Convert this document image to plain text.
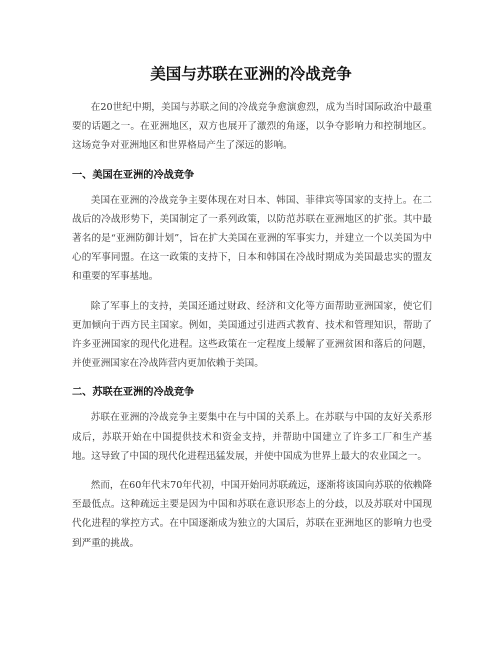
美国与苏联在亚洲的冷战竞争

在20世纪中期，美国与苏联之间的冷战竞争愈演愈烈，成为当时国际政治中最重要的话题之一。在亚洲地区，双方也展开了激烈的角逐，以争夺影响力和控制地区。这场竞争对亚洲地区和世界格局产生了深远的影响。

一、美国在亚洲的冷战竞争

美国在亚洲的冷战竞争主要体现在对日本、韩国、菲律宾等国家的支持上。在二战后的冷战形势下，美国制定了一系列政策，以防范苏联在亚洲地区的扩张。其中最著名的是“亚洲防御计划”，旨在扩大美国在亚洲的军事实力，并建立一个以美国为中心的军事同盟。在这一政策的支持下，日本和韩国在冷战时期成为美国最忠实的盟友和重要的军事基地。

除了军事上的支持，美国还通过财政、经济和文化等方面帮助亚洲国家，使它们更加倾向于西方民主国家。例如，美国通过引进西式教育、技术和管理知识，帮助了许多亚洲国家的现代化进程。这些政策在一定程度上缓解了亚洲贫困和落后的问题，并使亚洲国家在冷战阵营内更加依赖于美国。

二、苏联在亚洲的冷战竞争

苏联在亚洲的冷战竞争主要集中在与中国的关系上。在苏联与中国的友好关系形成后，苏联开始在中国提供技术和资金支持，并帮助中国建立了许多工厂和生产基地。这导致了中国的现代化进程迅猛发展，并使中国成为世界上最大的农业国之一。

然而，在60年代末70年代初，中国开始同苏联疏远，逐渐将该国向苏联的依赖降至最低点。这种疏远主要是因为中国和苏联在意识形态上的分歧，以及苏联对中国现代化进程的掌控方式。在中国逐渐成为独立的大国后，苏联在亚洲地区的影响力也受到严重的挑战。
